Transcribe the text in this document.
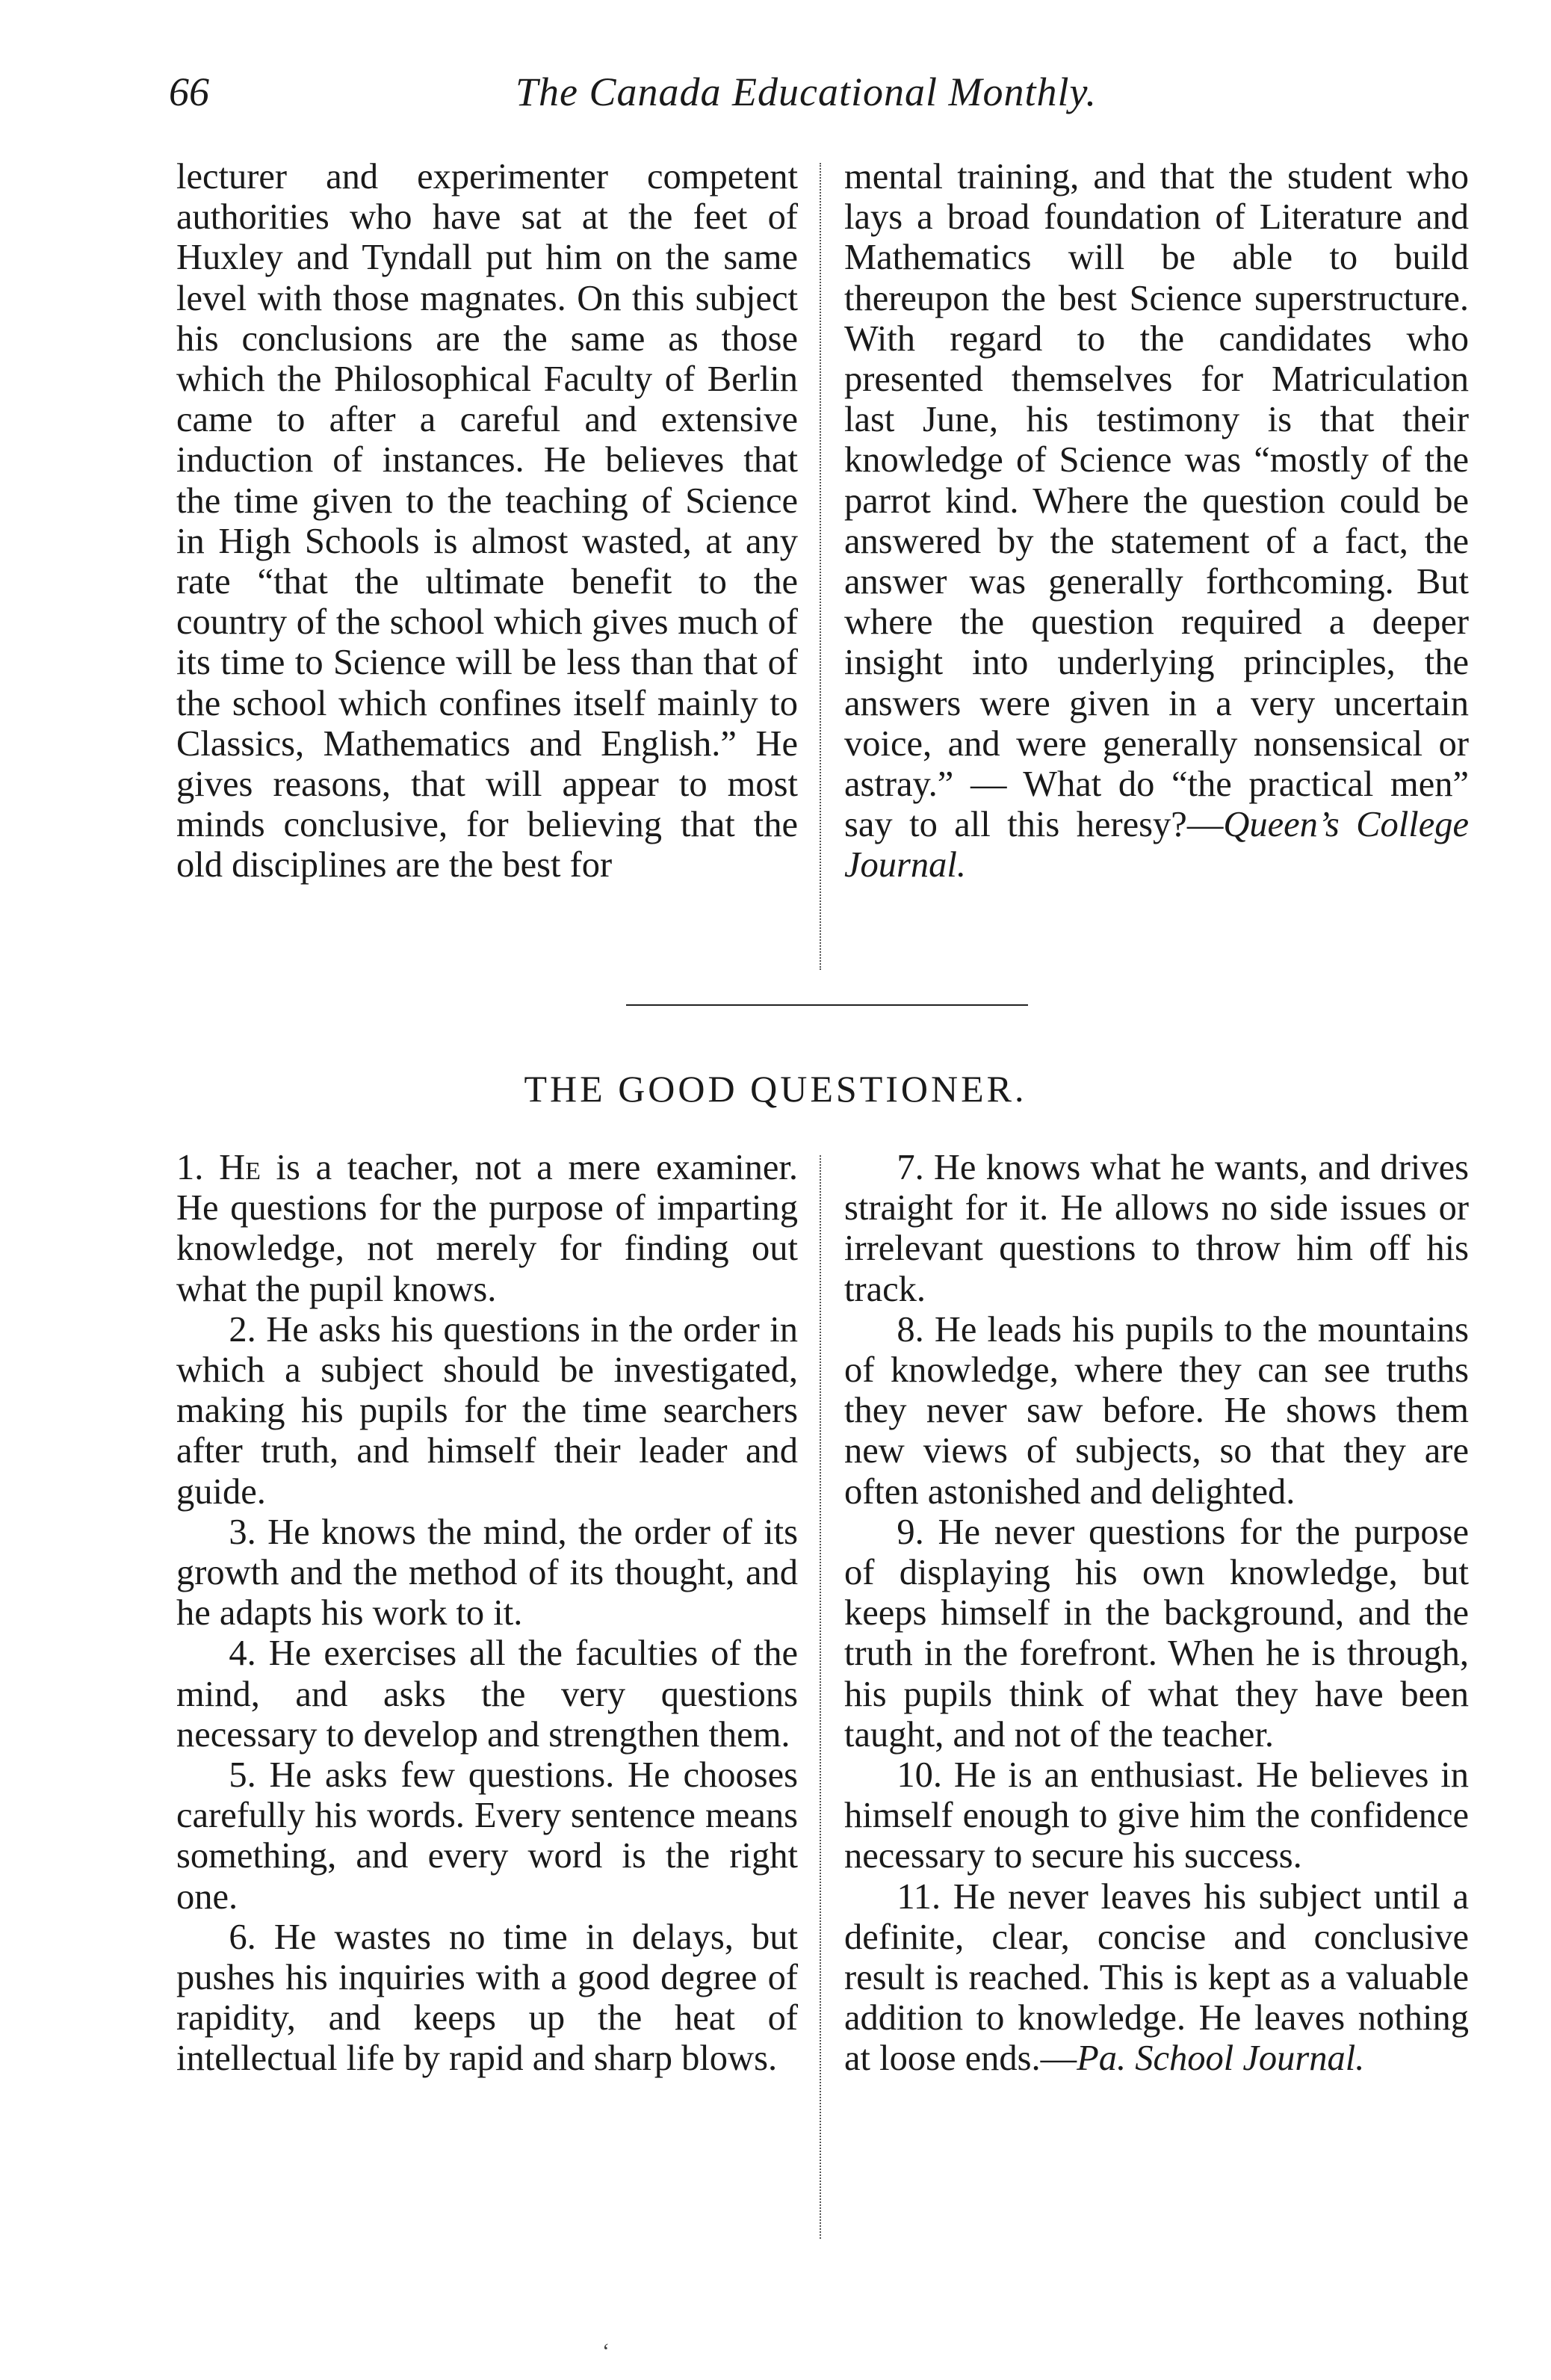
66	The Canada Educational Monthly.

lecturer and experimenter competent authorities who have sat at the feet of Huxley and Tyndall put him on the same level with those magnates. On this subject his conclusions are the same as those which the Philosophical Faculty of Berlin came to after a careful and extensive induction of instances. He believes that the time given to the teaching of Science in High Schools is almost wasted, at any rate “that the ultimate benefit to the country of the school which gives much of its time to Science will be less than that of the school which confines itself mainly to Classics, Mathematics and English.” He gives reasons, that will appear to most minds conclusive, for believing that the old disciplines are the best for

mental training, and that the student who lays a broad foundation of Literature and Mathematics will be able to build thereupon the best Science superstructure. With regard to the candidates who presented themselves for Matriculation last June, his testimony is that their knowledge of Science was “mostly of the parrot kind. Where the question could be answered by the statement of a fact, the answer was generally forthcoming. But where the question required a deeper insight into underlying principles, the answers were given in a very uncertain voice, and were generally nonsensical or astray.” — What do “the practical men” say to all this heresy?—Queen’s College Journal.

THE GOOD QUESTIONER.

1. He is a teacher, not a mere examiner. He questions for the purpose of imparting knowledge, not merely for finding out what the pupil knows.

2. He asks his questions in the order in which a subject should be investigated, making his pupils for the time searchers after truth, and himself their leader and guide.

3. He knows the mind, the order of its growth and the method of its thought, and he adapts his work to it.

4. He exercises all the faculties of the mind, and asks the very questions necessary to develop and strengthen them.

5. He asks few questions. He chooses carefully his words. Every sentence means something, and every word is the right one.

6. He wastes no time in delays, but pushes his inquiries with a good degree of rapidity, and keeps up the heat of intellectual life by rapid and sharp blows.

7. He knows what he wants, and drives straight for it. He allows no side issues or irrelevant questions to throw him off his track.

8. He leads his pupils to the mountains of knowledge, where they can see truths they never saw before. He shows them new views of subjects, so that they are often astonished and delighted.

9. He never questions for the purpose of displaying his own knowledge, but keeps himself in the background, and the truth in the forefront. When he is through, his pupils think of what they have been taught, and not of the teacher.

10. He is an enthusiast. He believes in himself enough to give him the confidence necessary to secure his success.

11. He never leaves his subject until a definite, clear, concise and conclusive result is reached. This is kept as a valuable addition to knowledge. He leaves nothing at loose ends.—Pa. School Journal.

‘
